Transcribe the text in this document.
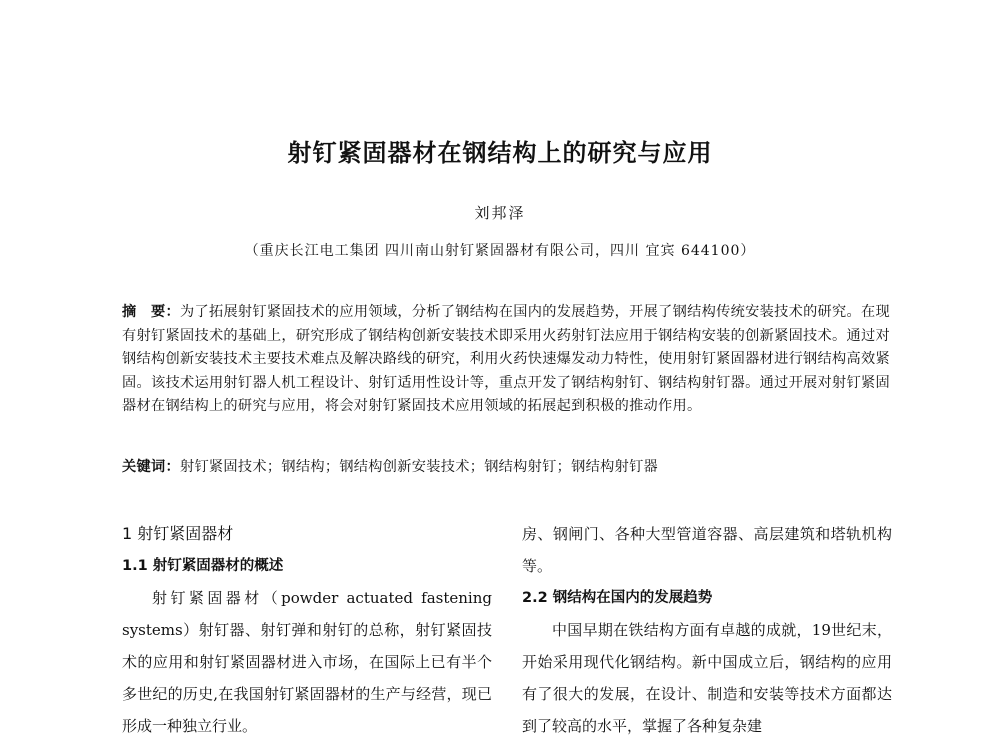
射钉紧固器材在钢结构上的研究与应用
刘邦泽
（重庆长江电工集团 四川南山射钉紧固器材有限公司，四川 宜宾 644100）

摘　要：为了拓展射钉紧固技术的应用领域，分析了钢结构在国内的发展趋势，开展了钢结构传统安装技术的研究。在现有射钉紧固技术的基础上，研究形成了钢结构创新安装技术即采用火药射钉法应用于钢结构安装的创新紧固技术。通过对钢结构创新安装技术主要技术难点及解决路线的研究，利用火药快速爆发动力特性，使用射钉紧固器材进行钢结构高效紧固。该技术运用射钉器人机工程设计、射钉适用性设计等，重点开发了钢结构射钉、钢结构射钉器。通过开展对射钉紧固器材在钢结构上的研究与应用，将会对射钉紧固技术应用领域的拓展起到积极的推动作用。

关键词：射钉紧固技术；钢结构；钢结构创新安装技术；钢结构射钉；钢结构射钉器
1 射钉紧固器材
1.1 射钉紧固器材的概述

射钉紧固器材（powder actuated fastening systems）射钉器、射钉弹和射钉的总称，射钉紧固技术的应用和射钉紧固器材进入市场，在国际上已有半个多世纪的历史,在我国射钉紧固器材的生产与经营，现已形成一种独立行业。

房、钢闸门、各种大型管道容器、高层建筑和塔轨机构等。

2.2 钢结构在国内的发展趋势

中国早期在铁结构方面有卓越的成就，19世纪末，开始采用现代化钢结构。新中国成立后，钢结构的应用有了很大的发展，在设计、制造和安装等技术方面都达到了较高的水平，掌握了各种复杂建
